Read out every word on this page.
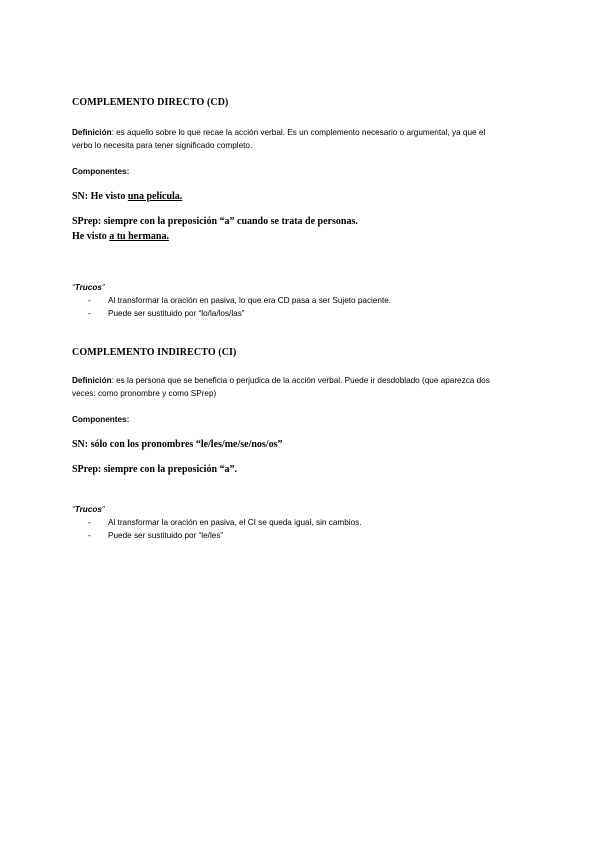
COMPLEMENTO DIRECTO (CD)
Definición: es aquello sobre lo que recae la acción verbal. Es un complemento necesario o argumental, ya que el verbo lo necesita para tener significado completo.
Componentes:
SN: He visto una película.
SPrep: siempre con la preposición “a” cuando se trata de personas.
He visto a tu hermana.
“Trucos”
-	Al transformar la oración en pasiva, lo que era CD pasa a ser Sujeto paciente.
-	Puede ser sustituido por “lo/la/los/las”
COMPLEMENTO INDIRECTO (CI)
Definición: es la persona que se beneficia o perjudica de la acción verbal. Puede ir desdoblado (que aparezca dos veces: como pronombre y como SPrep)
Componentes:
SN: sólo con los pronombres “le/les/me/se/nos/os”
SPrep: siempre con la preposición “a”.
“Trucos”
-	Al transformar la oración en pasiva, el CI se queda igual, sin cambios.
-	Puede ser sustituido por “le/les”
